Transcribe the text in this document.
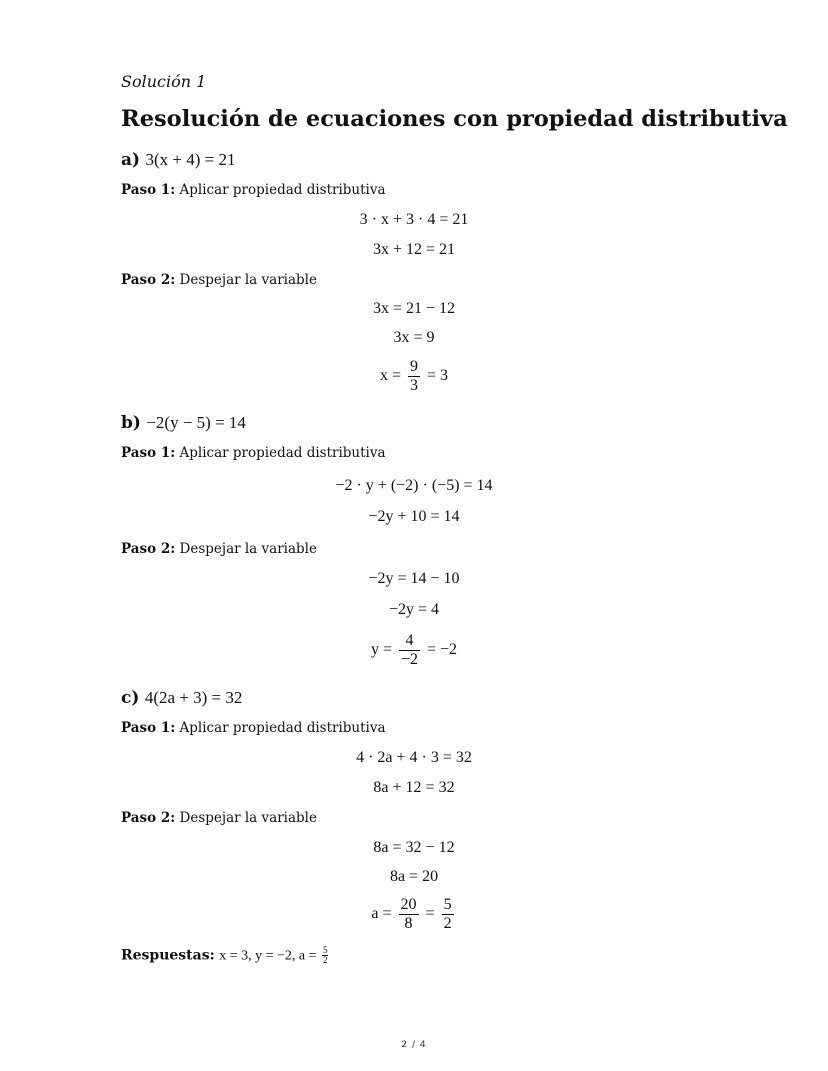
Solución 1
Resolución de ecuaciones con propiedad distributiva
a) 3(x + 4) = 21
Paso 1: Aplicar propiedad distributiva
3 · x + 3 · 4 = 21
3x + 12 = 21
Paso 2: Despejar la variable
3x = 21 − 12
3x = 9
$x = \frac{9}{3} = 3$
b) −2(y − 5) = 14
Paso 1: Aplicar propiedad distributiva
−2 · y + (−2) · (−5) = 14
−2y + 10 = 14
Paso 2: Despejar la variable
−2y = 14 − 10
−2y = 4
$y = \frac{4}{-2} = -2$
c) 4(2a + 3) = 32
Paso 1: Aplicar propiedad distributiva
4 · 2a + 4 · 3 = 32
8a + 12 = 32
Paso 2: Despejar la variable
8a = 32 − 12
8a = 20
$a = \frac{20}{8} = \frac{5}{2}$
Respuestas: x = 3, y = −2, $a = \frac{5}{2}$
2 / 4
